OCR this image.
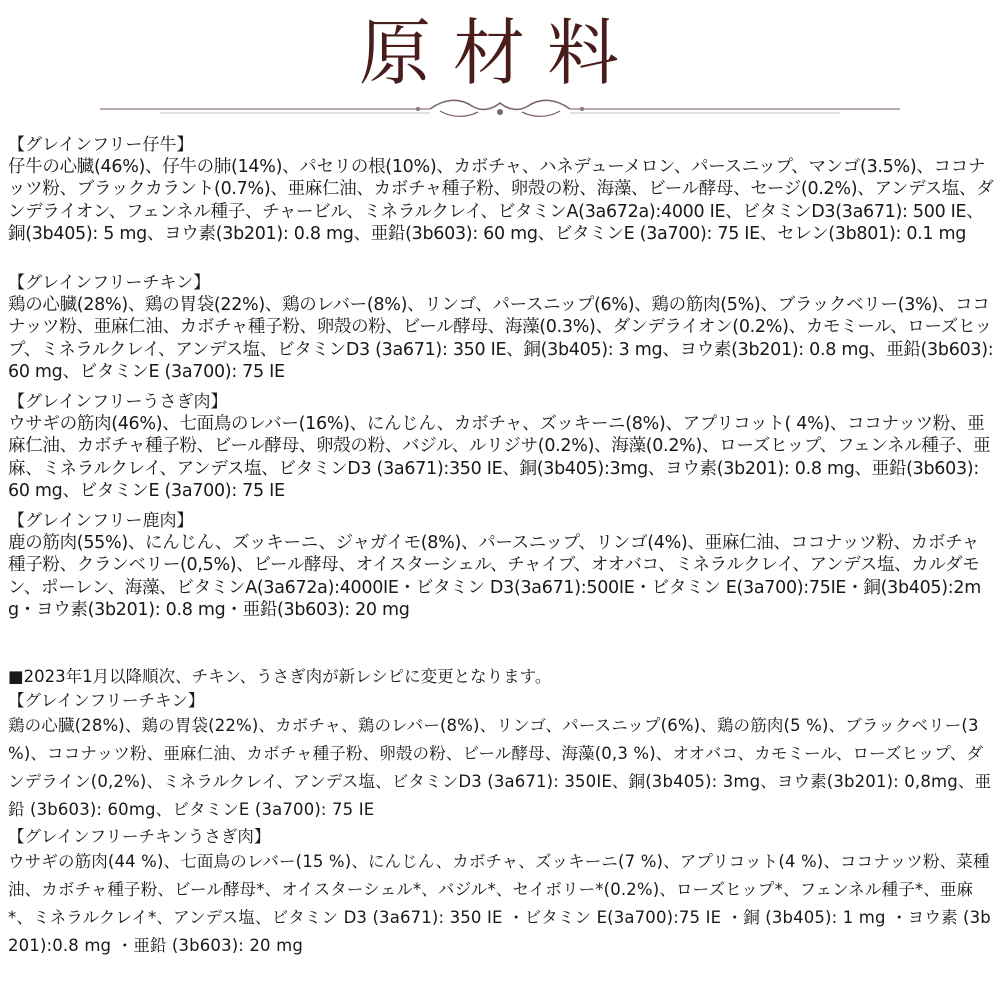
原材料
【グレインフリー仔牛】
仔牛の心臓(46%)、仔牛の肺(14%)、パセリの根(10%)、カボチャ、ハネデューメロン、パースニップ、マンゴ(3.5%)、ココナッツ粉、ブラックカラント(0.7%)、亜麻仁油、カボチャ種子粉、卵殻の粉、海藻、ビール酵母、セージ(0.2%)、アンデス塩、ダンデライオン、フェンネル種子、チャービル、ミネラルクレイ、ビタミンA(3a672a):4000 IE、ビタミンD3(3a671): 500 IE、銅(3b405): 5 mg、ヨウ素(3b201): 0.8 mg、亜鉛(3b603): 60 mg、ビタミンE (3a700): 75 IE、セレン(3b801): 0.1 mg
【グレインフリーチキン】
鶏の心臓(28%)、鶏の胃袋(22%)、鶏のレバー(8%)、リンゴ、パースニップ(6%)、鶏の筋肉(5%)、ブラックベリー(3%)、ココナッツ粉、亜麻仁油、カボチャ種子粉、卵殻の粉、ビール酵母、海藻(0.3%)、ダンデライオン(0.2%)、カモミール、ローズヒップ、ミネラルクレイ、アンデス塩、ビタミンD3 (3a671): 350 IE、銅(3b405): 3 mg、ヨウ素(3b201): 0.8 mg、亜鉛(3b603): 60 mg、ビタミンE (3a700): 75 IE
【グレインフリーうさぎ肉】
ウサギの筋肉(46%)、七面鳥のレバー(16%)、にんじん、カボチャ、ズッキーニ(8%)、アプリコット( 4%)、ココナッツ粉、亜麻仁油、カボチャ種子粉、ビール酵母、卵殻の粉、バジル、ルリジサ(0.2%)、海藻(0.2%)、ローズヒップ、フェンネル種子、亜麻、ミネラルクレイ、アンデス塩、ビタミンD3 (3a671):350 IE、銅(3b405):3mg、ヨウ素(3b201): 0.8 mg、亜鉛(3b603): 60 mg、ビタミンE (3a700): 75 IE
【グレインフリー鹿肉】
鹿の筋肉(55%)、にんじん、ズッキーニ、ジャガイモ(8%)、パースニップ、リンゴ(4%)、亜麻仁油、ココナッツ粉、カボチャ種子粉、クランベリー(0,5%)、ビール酵母、オイスターシェル、チャイブ、オオバコ、ミネラルクレイ、アンデス塩、カルダモン、ポーレン、海藻、ビタミンA(3a672a):4000IE・ビタミン D3(3a671):500IE・ビタミン E(3a700):75IE・銅(3b405):2mg・ヨウ素(3b201): 0.8 mg・亜鉛(3b603): 20 mg
■2023年1月以降順次、チキン、うさぎ肉が新レシピに変更となります。
【グレインフリーチキン】
鶏の心臓(28%)、鶏の胃袋(22%)、カボチャ、鶏のレバー(8%)、リンゴ、パースニップ(6%)、鶏の筋肉(5 %)、ブラックベリー(3 %)、ココナッツ粉、亜麻仁油、カボチャ種子粉、卵殻の粉、ビール酵母、海藻(0,3 %)、オオバコ、カモミール、ローズヒップ、ダンデライン(0,2%)、ミネラルクレイ、アンデス塩、ビタミンD3 (3a671): 350IE、銅(3b405): 3mg、ヨウ素(3b201): 0,8mg、亜鉛 (3b603): 60mg、ビタミンE (3a700): 75 IE
【グレインフリーチキンうさぎ肉】
ウサギの筋肉(44 %)、七面鳥のレバー(15 %)、にんじん、カボチャ、ズッキーニ(7 %)、アプリコット(4 %)、ココナッツ粉、菜種油、カボチャ種子粉、ビール酵母*、オイスターシェル*、バジル*、セイボリー*(0.2%)、ローズヒップ*、フェンネル種子*、亜麻*、ミネラルクレイ*、アンデス塩、ビタミン D3 (3a671): 350 IE ・ビタミン E(3a700):75 IE ・銅 (3b405): 1 mg ・ヨウ素 (3b201):0.8 mg ・亜鉛 (3b603): 20 mg
